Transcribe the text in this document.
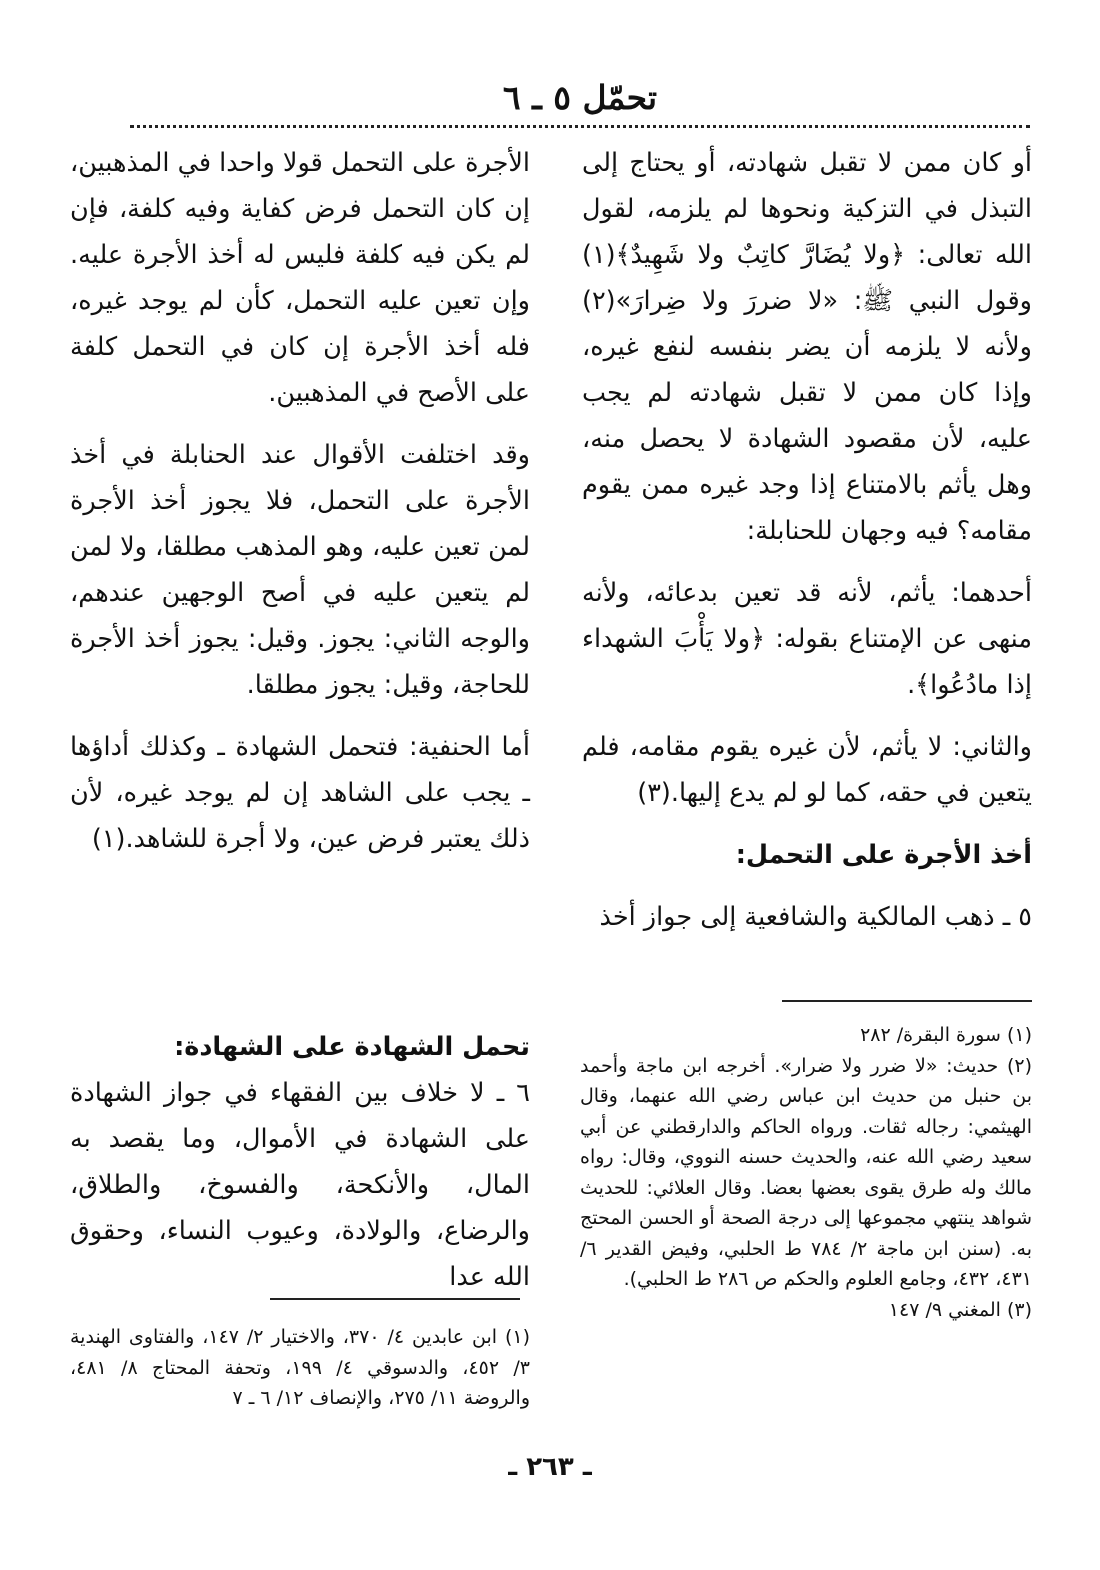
تحمّل ٥ ـ ٦

أو كان ممن لا تقبل شهادته، أو يحتاج إلى التبذل في التزكية ونحوها لم يلزمه، لقول الله تعالى: ﴿ولا يُضَارَّ كاتِبٌ ولا شَهِيدٌ﴾(١) وقول النبي ﷺ: «لا ضررَ ولا ضِرارَ»(٢) ولأنه لا يلزمه أن يضر بنفسه لنفع غيره، وإذا كان ممن لا تقبل شهادته لم يجب عليه، لأن مقصود الشهادة لا يحصل منه، وهل يأثم بالامتناع إذا وجد غيره ممن يقوم مقامه؟ فيه وجهان للحنابلة:

أحدهما: يأثم، لأنه قد تعين بدعائه، ولأنه منهى عن الإمتناع بقوله: ﴿ولا يَأْبَ الشهداء إذا مادُعُوا﴾.

والثاني: لا يأثم، لأن غيره يقوم مقامه، فلم يتعين في حقه، كما لو لم يدع إليها.(٣)

أخذ الأجرة على التحمل:

٥ ـ ذهب المالكية والشافعية إلى جواز أخذ

الأجرة على التحمل قولا واحدا في المذهبين، إن كان التحمل فرض كفاية وفيه كلفة، فإن لم يكن فيه كلفة فليس له أخذ الأجرة عليه. وإن تعين عليه التحمل، كأن لم يوجد غيره، فله أخذ الأجرة إن كان في التحمل كلفة على الأصح في المذهبين.

وقد اختلفت الأقوال عند الحنابلة في أخذ الأجرة على التحمل، فلا يجوز أخذ الأجرة لمن تعين عليه، وهو المذهب مطلقا، ولا لمن لم يتعين عليه في أصح الوجهين عندهم، والوجه الثاني: يجوز. وقيل: يجوز أخذ الأجرة للحاجة، وقيل: يجوز مطلقا.

أما الحنفية: فتحمل الشهادة ـ وكذلك أداؤها ـ يجب على الشاهد إن لم يوجد غيره، لأن ذلك يعتبر فرض عين، ولا أجرة للشاهد.(١)

تحمل الشهادة على الشهادة:

٦ ـ لا خلاف بين الفقهاء في جواز الشهادة على الشهادة في الأموال، وما يقصد به المال، والأنكحة، والفسوخ، والطلاق، والرضاع، والولادة، وعيوب النساء، وحقوق الله عدا

(١) سورة البقرة/ ٢٨٢

(٢) حديث: «لا ضرر ولا ضرار». أخرجه ابن ماجة وأحمد بن حنبل من حديث ابن عباس رضي الله عنهما، وقال الهيثمي: رجاله ثقات. ورواه الحاكم والدارقطني عن أبي سعيد رضي الله عنه، والحديث حسنه النووي، وقال: رواه مالك وله طرق يقوى بعضها بعضا. وقال العلائي: للحديث شواهد ينتهي مجموعها إلى درجة الصحة أو الحسن المحتج به. (سنن ابن ماجة ٢/ ٧٨٤ ط الحلبي، وفيض القدير ٦/ ٤٣١، ٤٣٢، وجامع العلوم والحكم ص ٢٨٦ ط الحلبي).

(٣) المغني ٩/ ١٤٧

(١) ابن عابدين ٤/ ٣٧٠، والاختيار ٢/ ١٤٧، والفتاوى الهندية ٣/ ٤٥٢، والدسوقي ٤/ ١٩٩، وتحفة المحتاج ٨/ ٤٨١، والروضة ١١/ ٢٧٥، والإنصاف ١٢/ ٦ ـ ٧

ـ ٢٦٣ ـ
